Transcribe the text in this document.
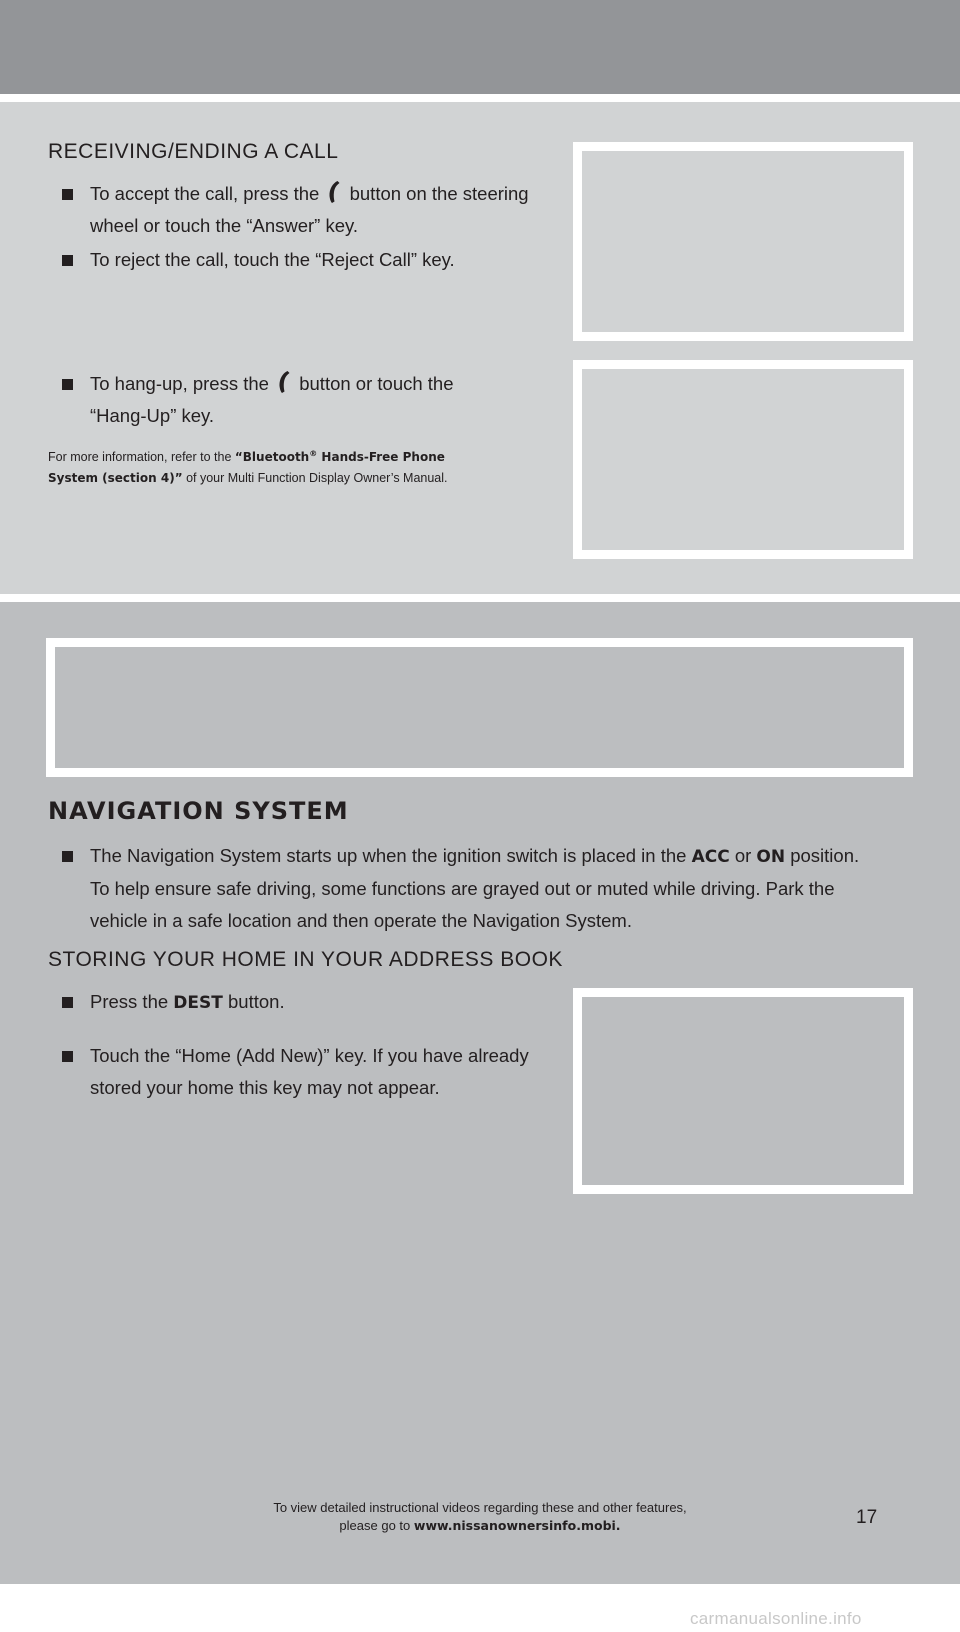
RECEIVING/ENDING A CALL
To accept the call, press the button on the steering
wheel or touch the “Answer” key.
To reject the call, touch the “Reject Call” key.
To hang-up, press the button or touch the
“Hang-Up” key.
For more information, refer to the “Bluetooth® Hands-Free Phone
System (section 4)” of your Multi Function Display Owner’s Manual.
NAVIGATION SYSTEM
The Navigation System starts up when the ignition switch is placed in the ACC or ON position.
To help ensure safe driving, some functions are grayed out or muted while driving. Park the
vehicle in a safe location and then operate the Navigation System.
STORING YOUR HOME IN YOUR ADDRESS BOOK
Press the DEST button.
Touch the “Home (Add New)” key. If you have already
stored your home this key may not appear.
To view detailed instructional videos regarding these and other features,
please go to www.nissanownersinfo.mobi.	17
carmanualsonline.info
